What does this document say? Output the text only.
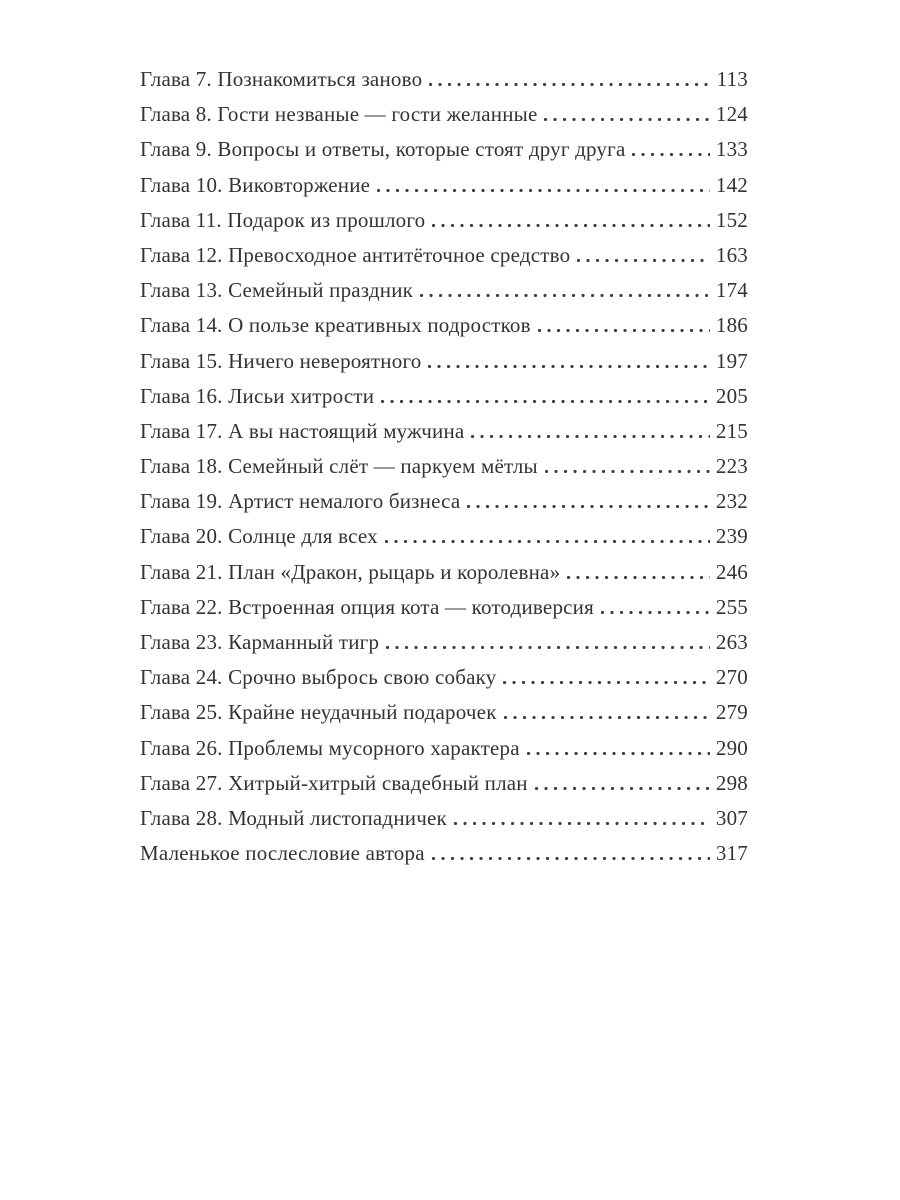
Глава 7. Познакомиться заново	113
Глава 8. Гости незваные — гости желанные	124
Глава 9. Вопросы и ответы, которые стоят друг друга	133
Глава 10. Виковторжение	142
Глава 11. Подарок из прошлого	152
Глава 12. Превосходное антитёточное средство	163
Глава 13. Семейный праздник	174
Глава 14. О пользе креативных подростков	186
Глава 15. Ничего невероятного	197
Глава 16. Лисьи хитрости	205
Глава 17. А вы настоящий мужчина	215
Глава 18. Семейный слёт — паркуем мётлы	223
Глава 19. Артист немалого бизнеса	232
Глава 20. Солнце для всех	239
Глава 21. План «Дракон, рыцарь и королевна»	246
Глава 22. Встроенная опция кота — котодиверсия	255
Глава 23. Карманный тигр	263
Глава 24. Срочно выбрось свою собаку	270
Глава 25. Крайне неудачный подарочек	279
Глава 26. Проблемы мусорного характера	290
Глава 27. Хитрый-хитрый свадебный план	298
Глава 28. Модный листопадничек	307
Маленькое послесловие автора	317
